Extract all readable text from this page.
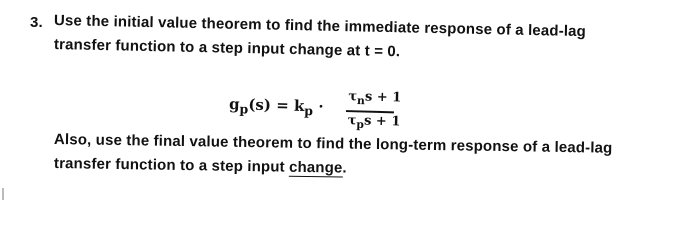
3. Use the initial value theorem to find the immediate response of a lead-lag
transfer function to a step input change at t = 0.
$g_p(s) = k_p$ ·
$\tau_ns + 1$
$\tau_ps + 1$
Also, use the final value theorem to find the long-term response of a lead-lag
transfer function to a step input change.
